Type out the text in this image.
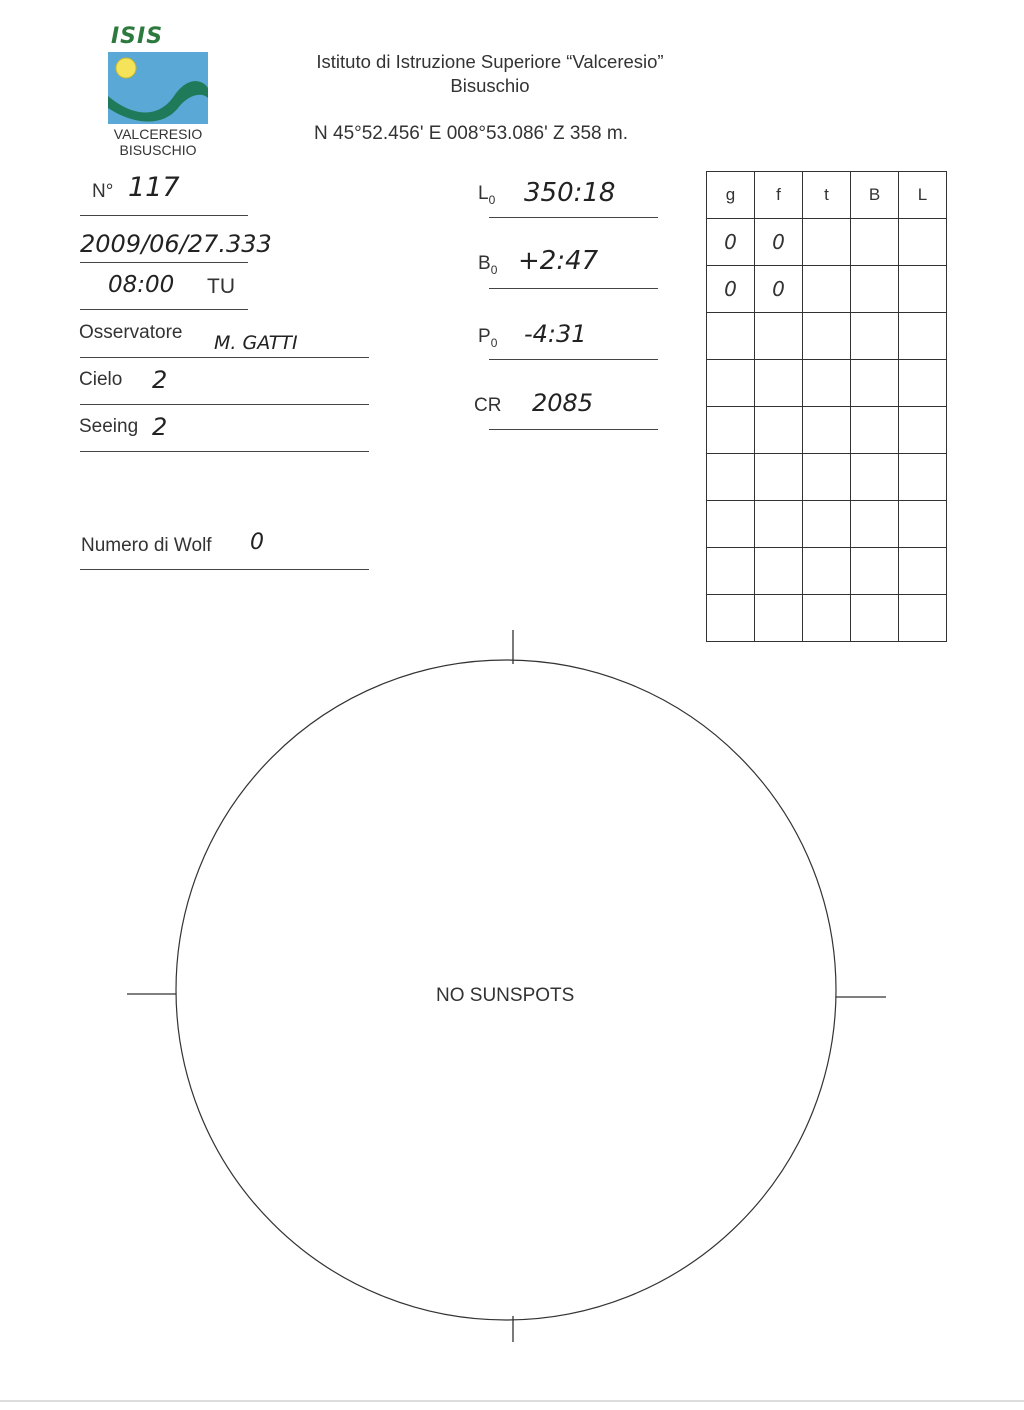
ISIS
VALCERESIO
BISUSCHIO
Istituto di Istruzione Superiore “Valceresio”
Bisuschio
N 45°52.456' E 008°53.086' Z 358 m.
N° 117
2009/06/27.333
08:00 TU
Osservatore M. GATTI
Cielo 2
Seeing 2
Numero di Wolf 0
$L_0$ 350:18
$B_0$ +2:47
$P_0$ -4:31
CR 2085
g	f	t	B	L
0	0			
0	0			

NO SUNSPOTS
